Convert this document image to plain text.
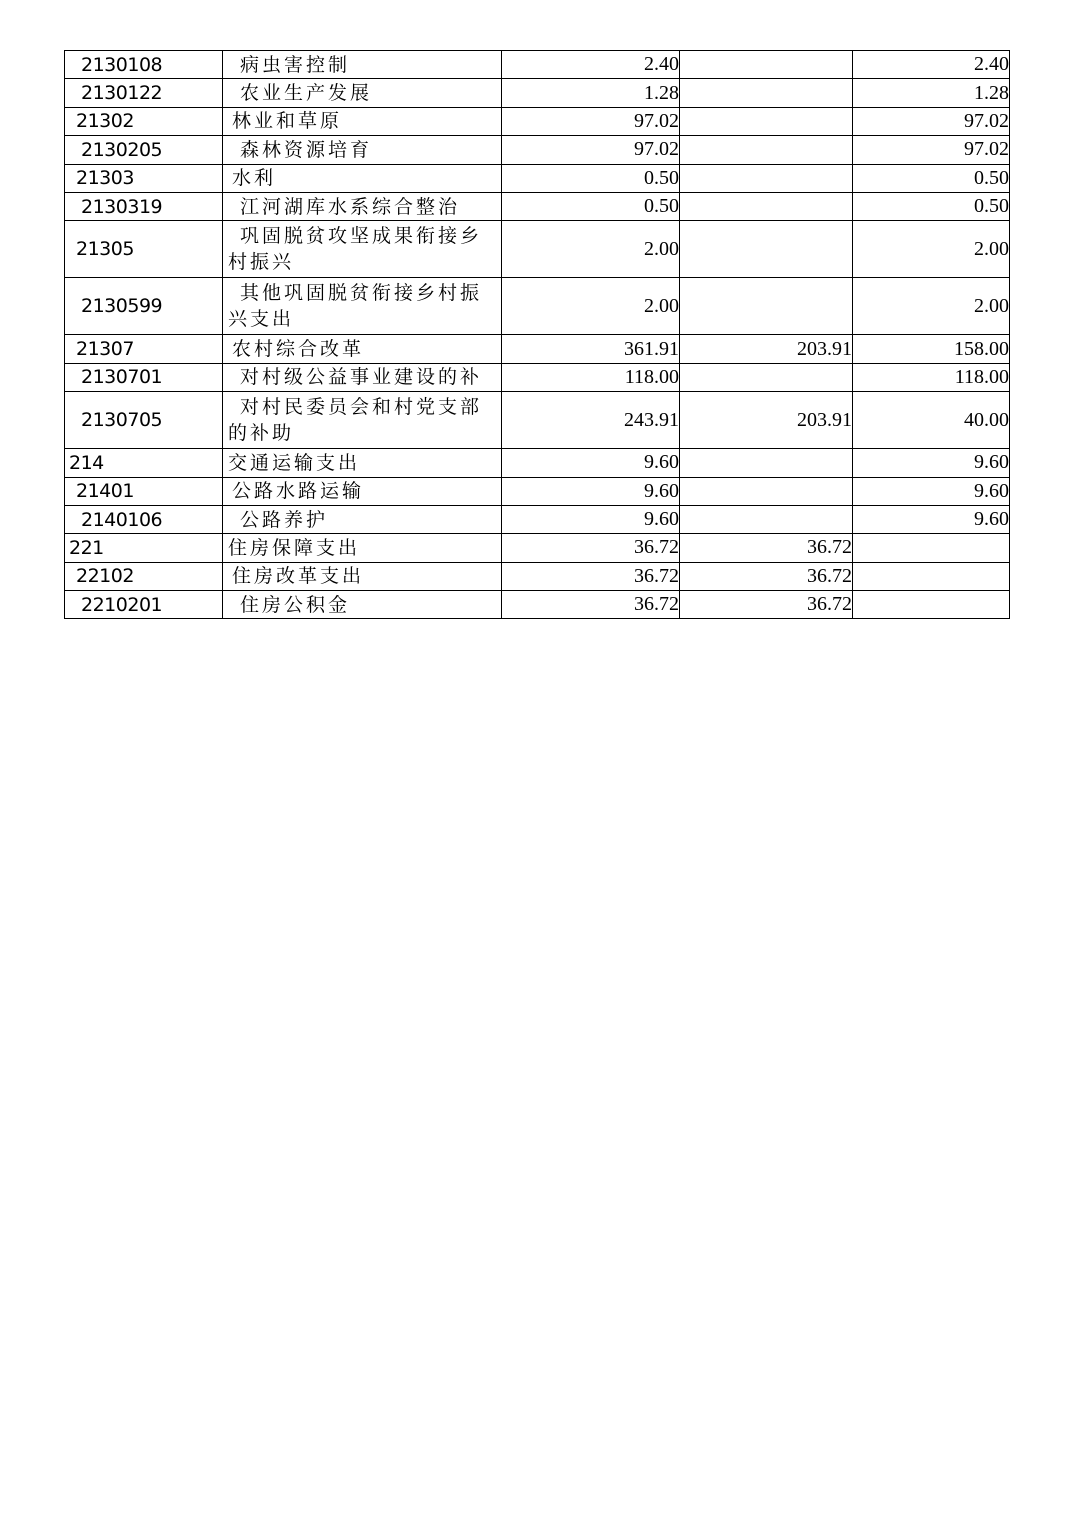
2130108	病虫害控制	2.40		2.40
2130122	农业生产发展	1.28		1.28
21302	林业和草原	97.02		97.02
2130205	森林资源培育	97.02		97.02
21303	水利	0.50		0.50
2130319	江河湖库水系综合整治	0.50		0.50
21305	巩固脱贫攻坚成果衔接乡村振兴	2.00		2.00
2130599	其他巩固脱贫衔接乡村振兴支出	2.00		2.00
21307	农村综合改革	361.91	203.91	158.00
2130701	对村级公益事业建设的补	118.00		118.00
2130705	对村民委员会和村党支部的补助	243.91	203.91	40.00
214	交通运输支出	9.60		9.60
21401	公路水路运输	9.60		9.60
2140106	公路养护	9.60		9.60
221	住房保障支出	36.72	36.72	
22102	住房改革支出	36.72	36.72	
2210201	住房公积金	36.72	36.72	
